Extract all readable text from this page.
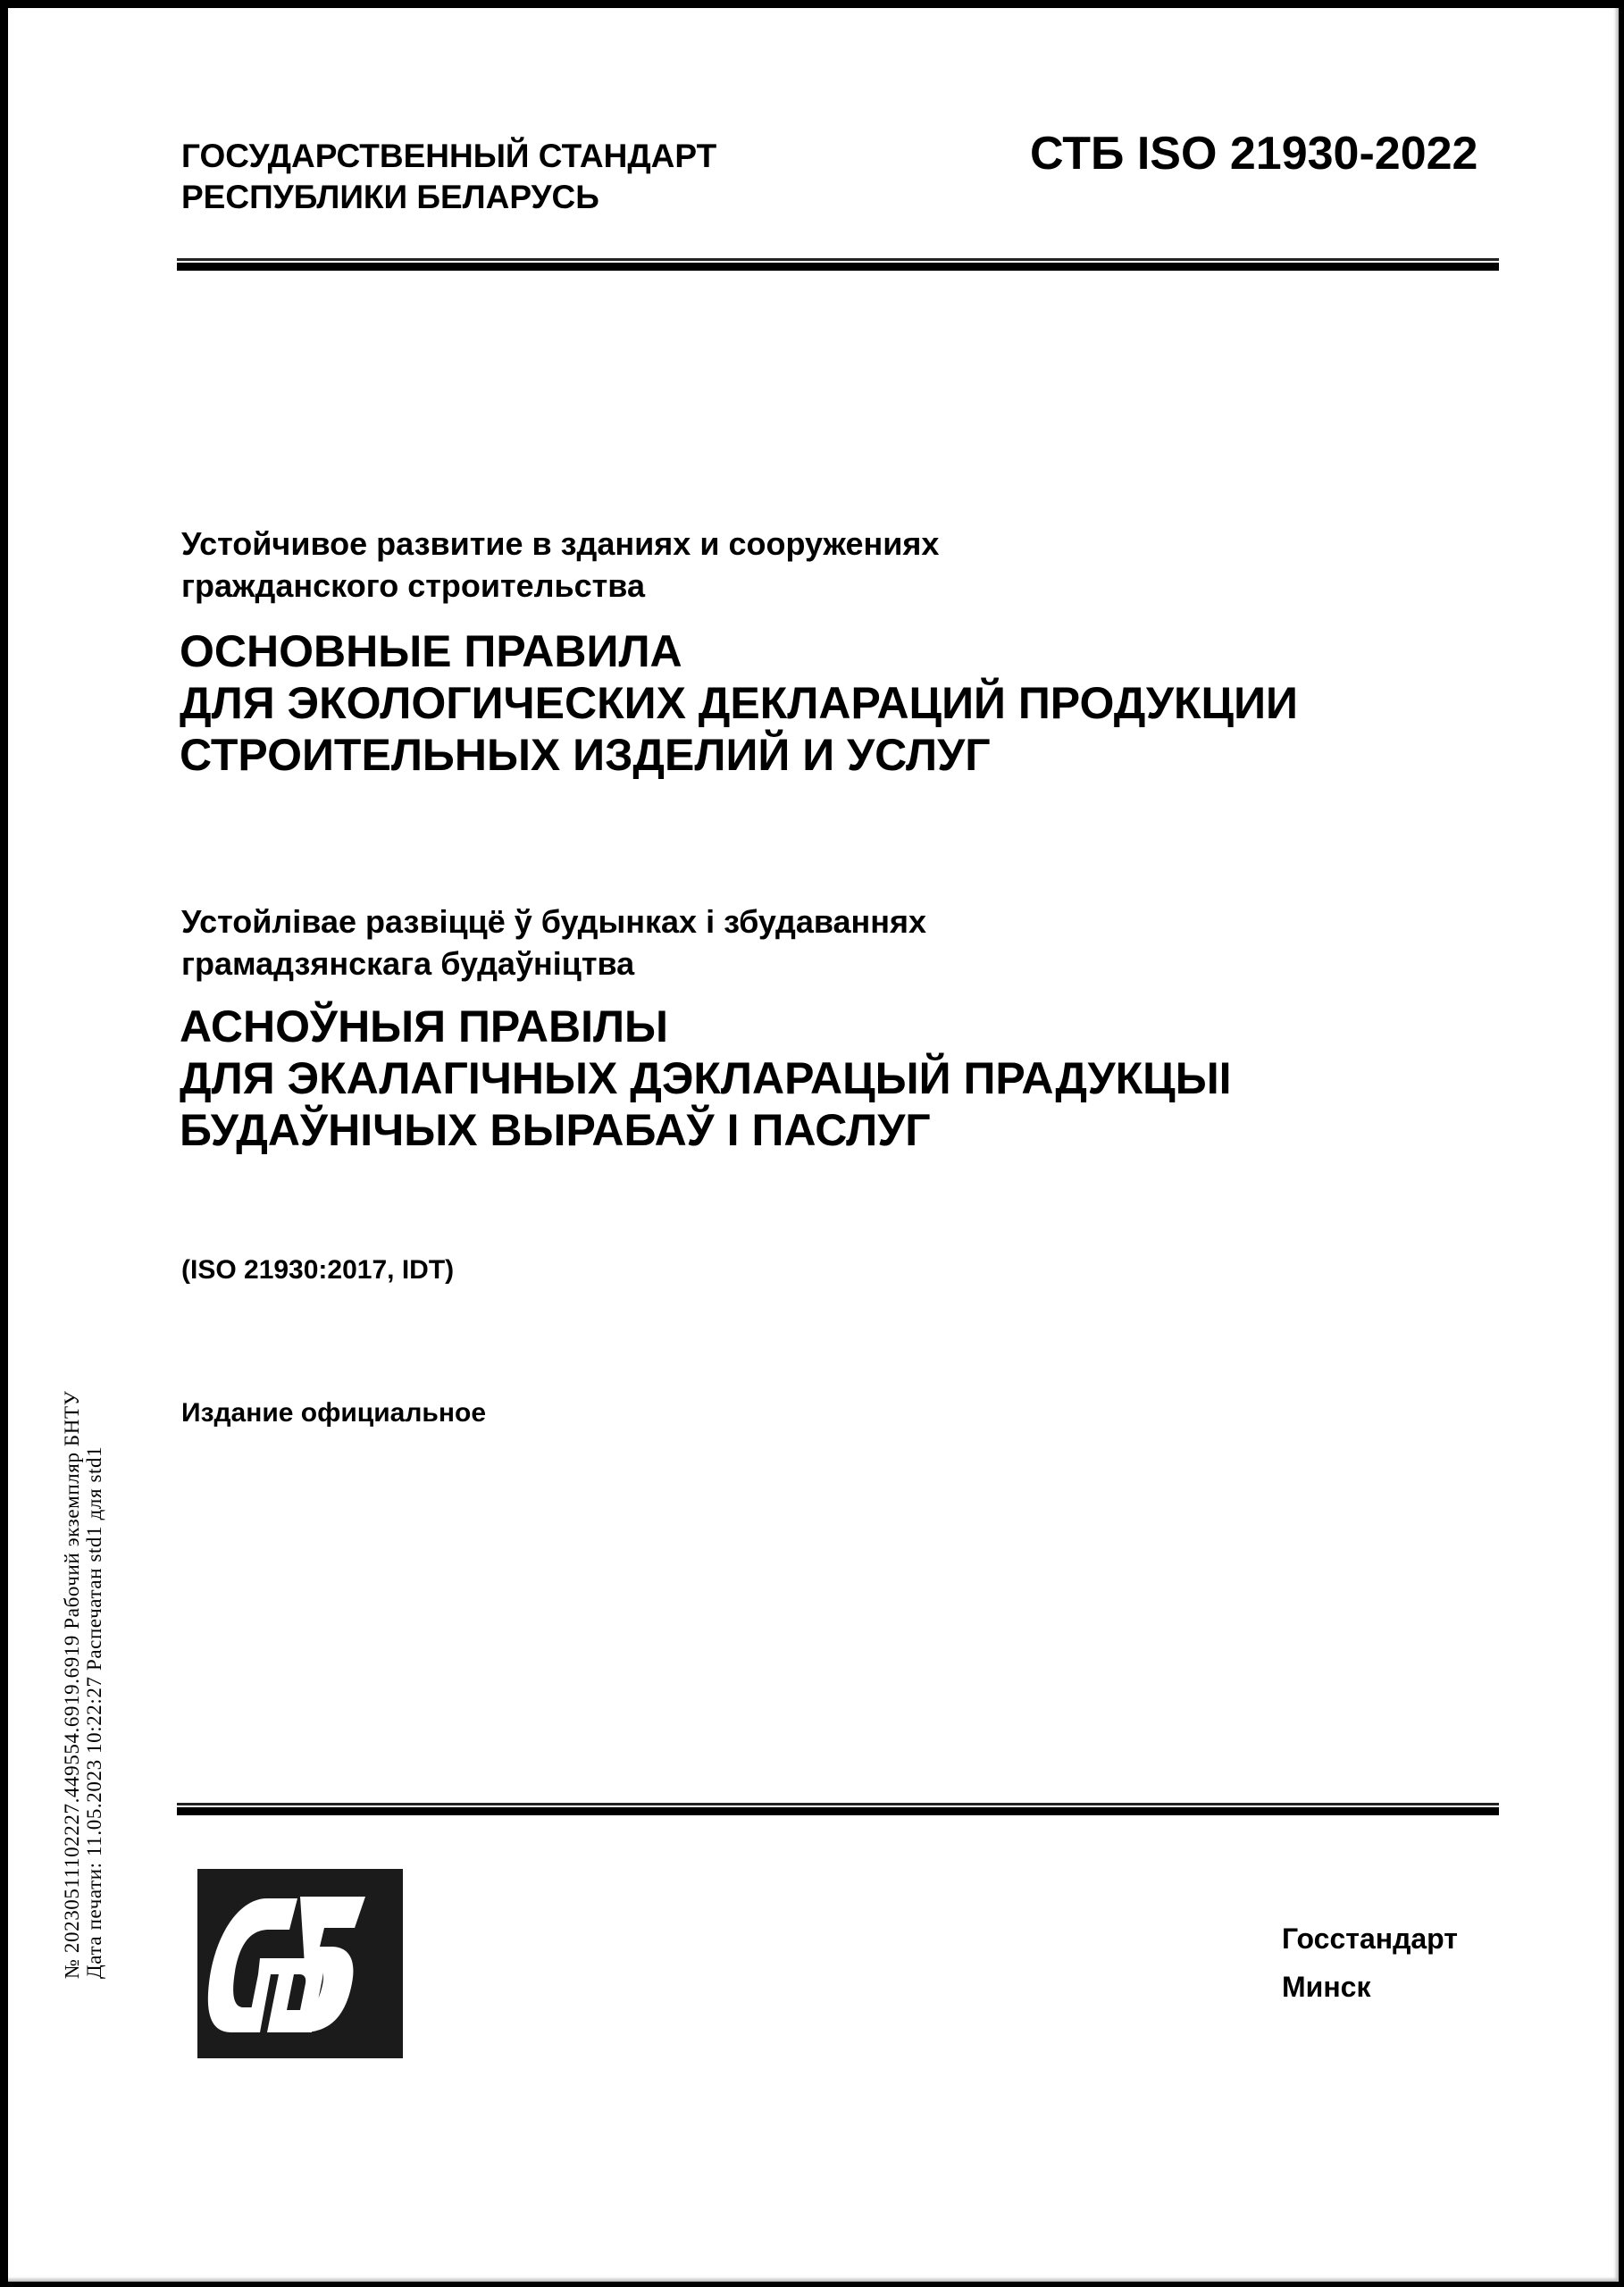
ГОСУДАРСТВЕННЫЙ СТАНДАРТ
РЕСПУБЛИКИ БЕЛАРУСЬ
СТБ ISO 21930-2022
Устойчивое развитие в зданиях и сооружениях
гражданского строительства
ОСНОВНЫЕ ПРАВИЛА
ДЛЯ ЭКОЛОГИЧЕСКИХ ДЕКЛАРАЦИЙ ПРОДУКЦИИ
СТРОИТЕЛЬНЫХ ИЗДЕЛИЙ И УСЛУГ
Устойлівае развіццё ў будынках і збудаваннях
грамадзянскага будаўніцтва
АСНОЎНЫЯ ПРАВІЛЫ
ДЛЯ ЭКАЛАГІЧНЫХ ДЭКЛАРАЦЫЙ ПРАДУКЦЫІ
БУДАЎНІЧЫХ ВЫРАБАЎ І ПАСЛУГ
(ISO 21930:2017, IDT)
Издание официальное
№ 20230511102227.449554.6919.6919 Рабочий экземпляр БНТУ Дата печати: 11.05.2023 10:22:27 Распечатан std1 для std1	Госстандарт
Минск
